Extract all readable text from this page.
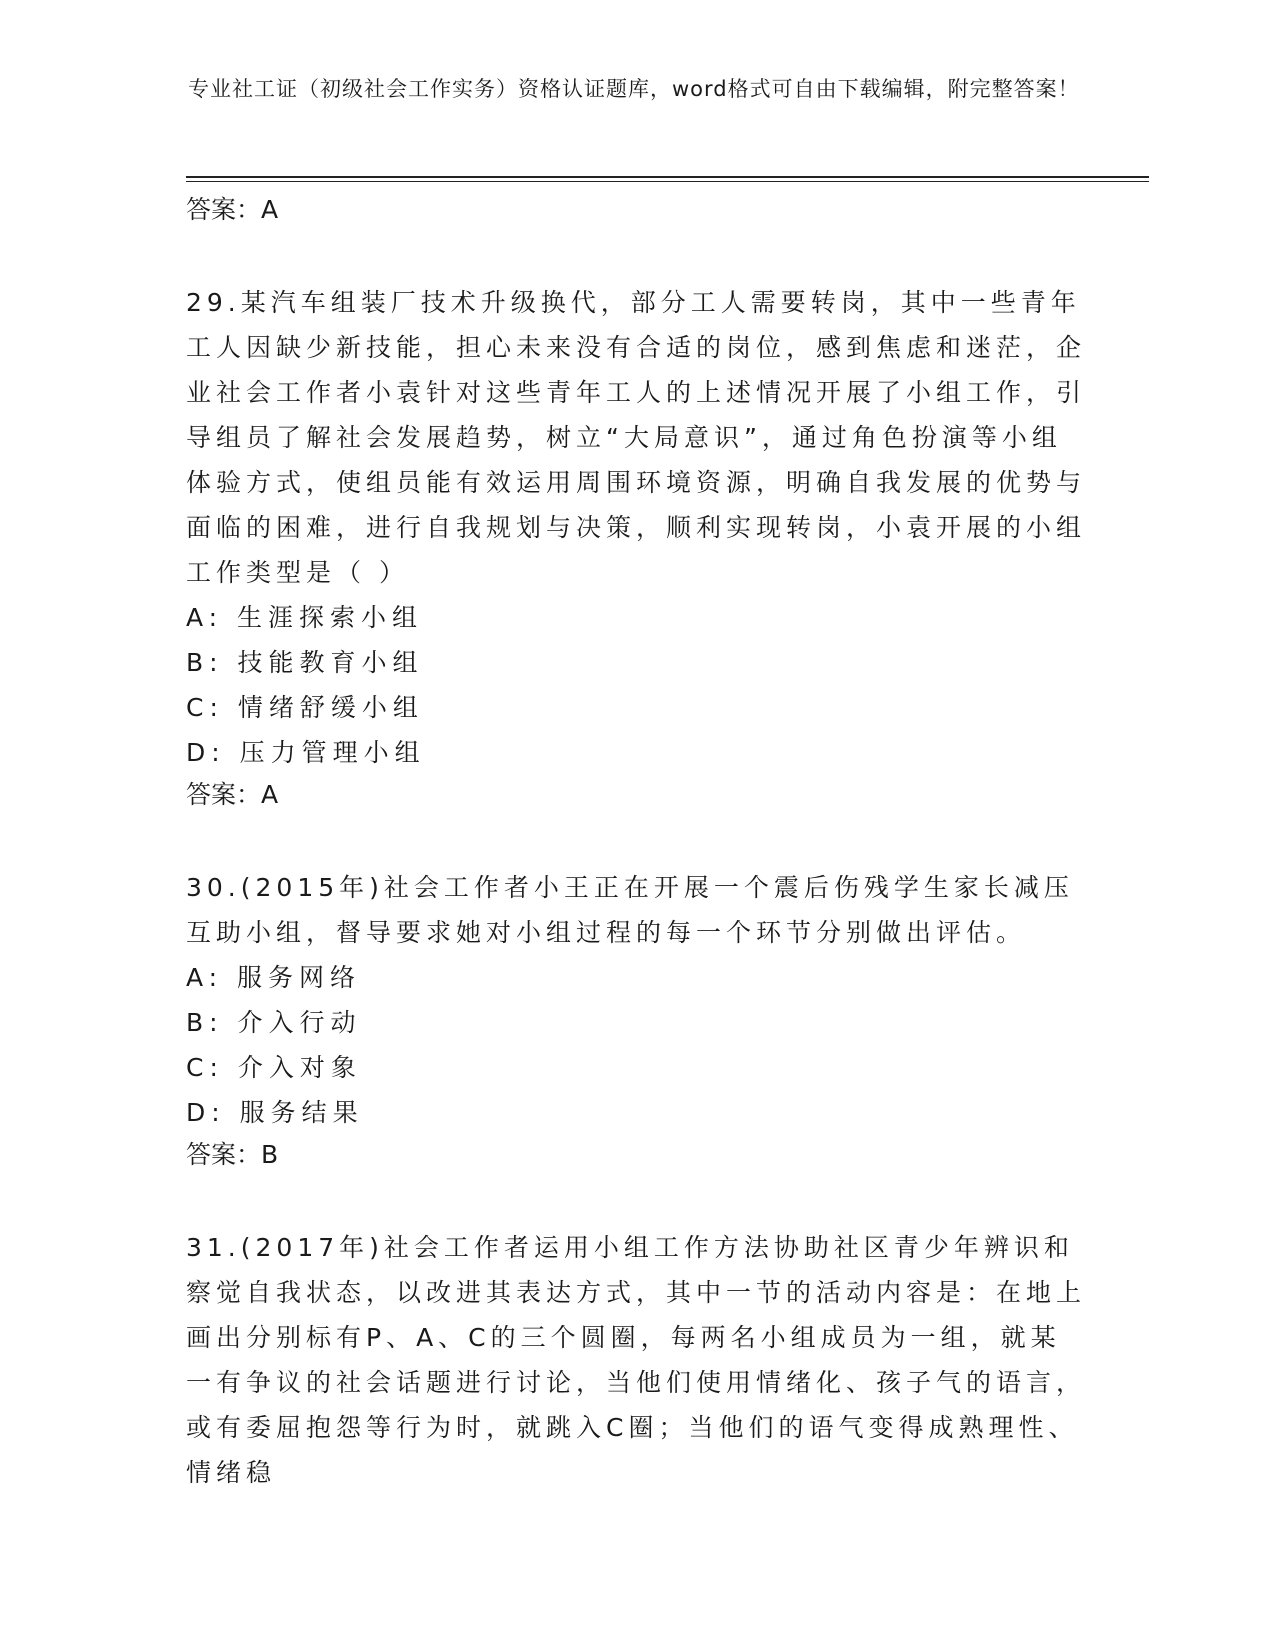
专业社工证（初级社会工作实务）资格认证题库，word格式可自由下载编辑，附完整答案！
答案：A
29.某汽车组装厂技术升级换代，部分工人需要转岗，其中一些青年工人因缺少新技能，担心未来没有合适的岗位，感到焦虑和迷茫，企业社会工作者小袁针对这些青年工人的上述情况开展了小组工作，引导组员了解社会发展趋势，树立“大局意识”，通过角色扮演等小组体验方式，使组员能有效运用周围环境资源，明确自我发展的优势与面临的困难，进行自我规划与决策，顺利实现转岗，小袁开展的小组工作类型是（ ）
A: 生涯探索小组
B: 技能教育小组
C: 情绪舒缓小组
D: 压力管理小组
答案：A
30.(2015年)社会工作者小王正在开展一个震后伤残学生家长减压互助小组，督导要求她对小组过程的每一个环节分别做出评估。
A: 服务网络
B: 介入行动
C: 介入对象
D: 服务结果
答案：B
31.(2017年)社会工作者运用小组工作方法协助社区青少年辨识和察觉自我状态，以改进其表达方式，其中一节的活动内容是：在地上画出分别标有P、A、C的三个圆圈，每两名小组成员为一组，就某一有争议的社会话题进行讨论，当他们使用情绪化、孩子气的语言，或有委屈抱怨等行为时，就跳入C圈；当他们的语气变得成熟理性、情绪稳
